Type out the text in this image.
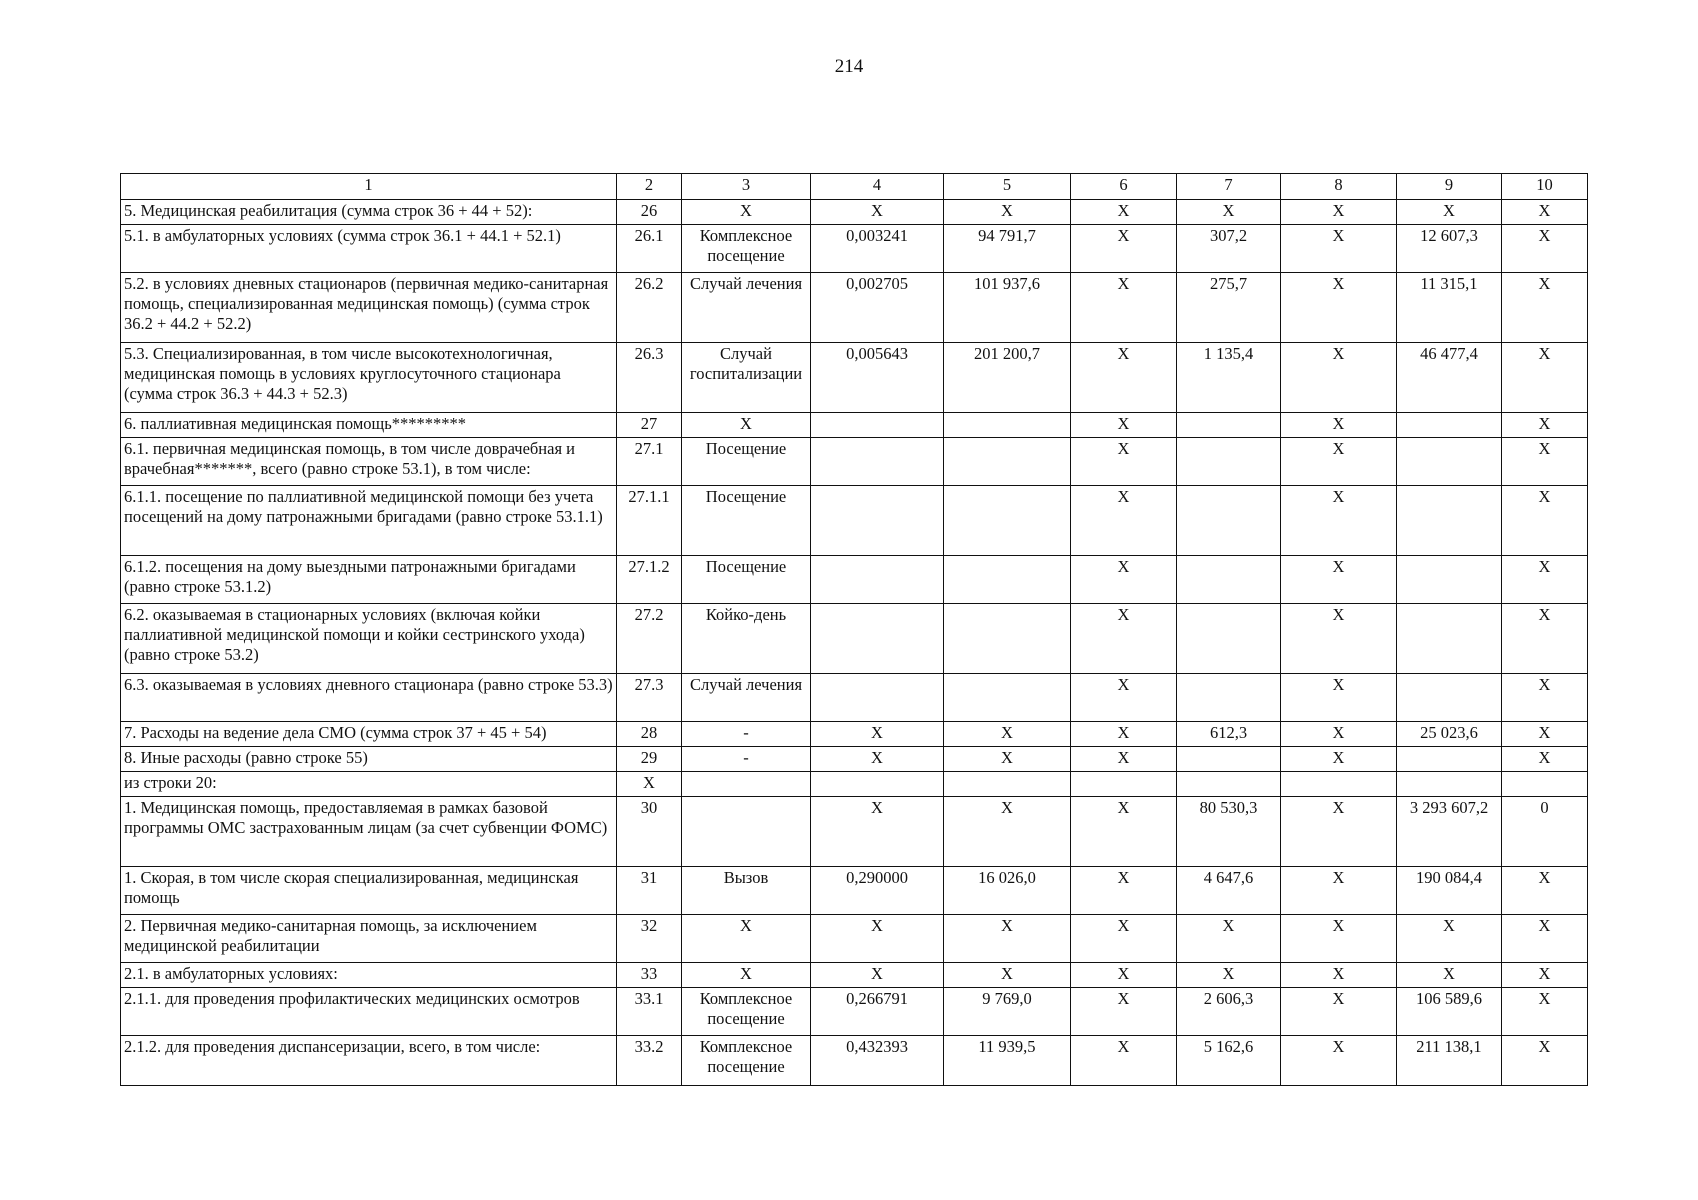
214
1	2	3	4	5	6	7	8	9	10
5. Медицинская реабилитация (сумма строк 36 + 44 + 52):	26	X	X	X	X	X	X	X	X
5.1. в амбулаторных условиях (сумма строк 36.1 + 44.1 + 52.1)	26.1	Комплексное посещение	0,003241	94 791,7	X	307,2	X	12 607,3	X
5.2. в условиях дневных стационаров (первичная медико-санитарная помощь, специализированная медицинская помощь) (сумма строк 36.2 + 44.2 + 52.2)	26.2	Случай лечения	0,002705	101 937,6	X	275,7	X	11 315,1	X
5.3. Специализированная, в том числе высокотехнологичная, медицинская помощь в условиях круглосуточного стационара (сумма строк 36.3 + 44.3 + 52.3)	26.3	Случай госпитализации	0,005643	201 200,7	X	1 135,4	X	46 477,4	X
6. паллиативная медицинская помощь*********	27	X			X		X		X
6.1. первичная медицинская помощь, в том числе доврачебная и врачебная*******, всего (равно строке 53.1), в том числе:	27.1	Посещение			X		X		X
6.1.1. посещение по паллиативной медицинской помощи без учета посещений на дому патронажными бригадами (равно строке 53.1.1)	27.1.1	Посещение			X		X		X
6.1.2. посещения на дому выездными патронажными бригадами (равно строке 53.1.2)	27.1.2	Посещение			X		X		X
6.2. оказываемая в стационарных условиях (включая койки паллиативной медицинской помощи и койки сестринского ухода) (равно строке 53.2)	27.2	Койко-день			X		X		X
6.3. оказываемая в условиях дневного стационара (равно строке 53.3)	27.3	Случай лечения			X		X		X
7. Расходы на ведение дела СМО (сумма строк 37 + 45 + 54)	28	-	X	X	X	612,3	X	25 023,6	X
8. Иные расходы (равно строке 55)	29	-	X	X	X		X		X
из строки 20:	X								
1. Медицинская помощь, предоставляемая в рамках базовой программы ОМС застрахованным лицам (за счет субвенции ФОМС)	30		X	X	X	80 530,3	X	3 293 607,2	0
1. Скорая, в том числе скорая специализированная, медицинская помощь	31	Вызов	0,290000	16 026,0	X	4 647,6	X	190 084,4	X
2. Первичная медико-санитарная помощь, за исключением медицинской реабилитации	32	X	X	X	X	X	X	X	X
2.1. в амбулаторных условиях:	33	X	X	X	X	X	X	X	X
2.1.1. для проведения профилактических медицинских осмотров	33.1	Комплексное посещение	0,266791	9 769,0	X	2 606,3	X	106 589,6	X
2.1.2. для проведения диспансеризации, всего, в том числе:	33.2	Комплексное посещение	0,432393	11 939,5	X	5 162,6	X	211 138,1	X
